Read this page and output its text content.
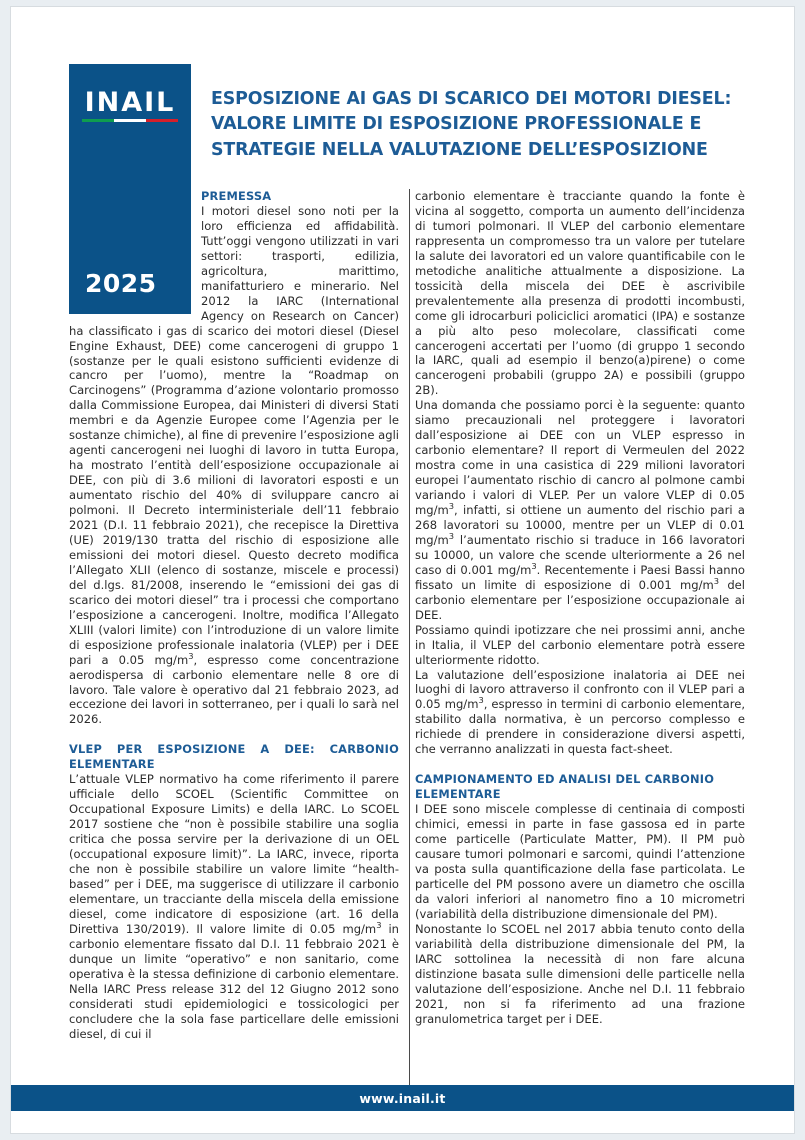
INAIL
2025
ESPOSIZIONE AI GAS DI SCARICO DEI MOTORI DIESEL: VALORE LIMITE DI ESPOSIZIONE PROFESSIONALE E STRATEGIE NELLA VALUTAZIONE DELL’ESPOSIZIONE
PREMESSA

I motori diesel sono noti per la loro efficienza ed affidabilità. Tutt’oggi vengono utilizzati in vari settori: trasporti, edilizia, agricoltura, marittimo, manifatturiero e minerario. Nel 2012 la IARC (International Agency on Research on Cancer) ha classificato i gas di scarico dei motori diesel (Diesel Engine Exhaust, DEE) come cancerogeni di gruppo 1 (sostanze per le quali esistono sufficienti evidenze di cancro per l’uomo), mentre la “Roadmap on Carcinogens” (Programma d’azione volontario promosso dalla Commissione Europea, dai Ministeri di diversi Stati membri e da Agenzie Europee come l’Agenzia per le sostanze chimiche), al fine di prevenire l’esposizione agli agenti cancerogeni nei luoghi di lavoro in tutta Europa, ha mostrato l’entità dell’esposizione occupazionale ai DEE, con più di 3.6 milioni di lavoratori esposti e un aumentato rischio del 40% di sviluppare cancro ai polmoni. Il Decreto interministeriale dell’11 febbraio 2021 (D.I. 11 febbraio 2021), che recepisce la Direttiva (UE) 2019/130 tratta del rischio di esposizione alle emissioni dei motori diesel. Questo decreto modifica l’Allegato XLII (elenco di sostanze, miscele e processi) del d.lgs. 81/2008, inserendo le “emissioni dei gas di scarico dei motori diesel” tra i processi che comportano l’esposizione a cancerogeni. Inoltre, modifica l’Allegato XLIII (valori limite) con l’introduzione di un valore limite di esposizione professionale inalatoria (VLEP) per i DEE pari a 0.05 $mg/m^3$, espresso come concentrazione aerodispersa di carbonio elementare nelle 8 ore di lavoro. Tale valore è operativo dal 21 febbraio 2023, ad eccezione dei lavori in sotterraneo, per i quali lo sarà nel 2026.

VLEP PER ESPOSIZIONE A DEE: CARBONIO
ELEMENTARE

L’attuale VLEP normativo ha come riferimento il parere ufficiale dello SCOEL (Scientific Committee on Occupational Exposure Limits) e della IARC. Lo SCOEL 2017 sostiene che “non è possibile stabilire una soglia critica che possa servire per la derivazione di un OEL (occupational exposure limit)”. La IARC, invece, riporta che non è possibile stabilire un valore limite “health-based” per i DEE, ma suggerisce di utilizzare il carbonio elementare, un tracciante della miscela della emissione diesel, come indicatore di esposizione (art. 16 della Direttiva 130/2019). Il valore limite di 0.05 $mg/m^3$ in carbonio elementare fissato dal D.I. 11 febbraio 2021 è dunque un limite “operativo” e non sanitario, come operativa è la stessa definizione di carbonio elementare. Nella IARC Press release 312 del 12 Giugno 2012 sono considerati studi epidemiologici e tossicologici per concludere che la sola fase particellare delle emissioni diesel, di cui il

carbonio elementare è tracciante quando la fonte è vicina al soggetto, comporta un aumento dell’incidenza di tumori polmonari. Il VLEP del carbonio elementare rappresenta un compromesso tra un valore per tutelare la salute dei lavoratori ed un valore quantificabile con le metodiche analitiche attualmente a disposizione. La tossicità della miscela dei DEE è ascrivibile prevalentemente alla presenza di prodotti incombusti, come gli idrocarburi policiclici aromatici (IPA) e sostanze a più alto peso molecolare, classificati come cancerogeni accertati per l’uomo (di gruppo 1 secondo la IARC, quali ad esempio il benzo(a)pirene) o come cancerogeni probabili (gruppo 2A) e possibili (gruppo 2B).

Una domanda che possiamo porci è la seguente: quanto siamo precauzionali nel proteggere i lavoratori dall’esposizione ai DEE con un VLEP espresso in carbonio elementare? Il report di Vermeulen del 2022 mostra come in una casistica di 229 milioni lavoratori europei l’aumentato rischio di cancro al polmone cambi variando i valori di VLEP. Per un valore VLEP di 0.05 $mg/m^3$, infatti, si ottiene un aumento del rischio pari a 268 lavoratori su 10000, mentre per un VLEP di 0.01 $mg/m^3$ l’aumentato rischio si traduce in 166 lavoratori su 10000, un valore che scende ulteriormente a 26 nel caso di 0.001 $mg/m^3$. Recentemente i Paesi Bassi hanno fissato un limite di esposizione di 0.001 $mg/m^3$ del carbonio elementare per l’esposizione occupazionale ai DEE.

Possiamo quindi ipotizzare che nei prossimi anni, anche in Italia, il VLEP del carbonio elementare potrà essere ulteriormente ridotto.

La valutazione dell’esposizione inalatoria ai DEE nei luoghi di lavoro attraverso il confronto con il VLEP pari a 0.05 $mg/m^3$, espresso in termini di carbonio elementare, stabilito dalla normativa, è un percorso complesso e richiede di prendere in considerazione diversi aspetti, che verranno analizzati in questa fact-sheet.

CAMPIONAMENTO ED ANALISI DEL CARBONIO
ELEMENTARE

I DEE sono miscele complesse di centinaia di composti chimici, emessi in parte in fase gassosa ed in parte come particelle (Particulate Matter, PM). Il PM può causare tumori polmonari e sarcomi, quindi l’attenzione va posta sulla quantificazione della fase particolata. Le particelle del PM possono avere un diametro che oscilla da valori inferiori al nanometro fino a 10 micrometri (variabilità della distribuzione dimensionale del PM).

Nonostante lo SCOEL nel 2017 abbia tenuto conto della variabilità della distribuzione dimensionale del PM, la IARC sottolinea la necessità di non fare alcuna distinzione basata sulle dimensioni delle particelle nella valutazione dell’esposizione. Anche nel D.I. 11 febbraio 2021, non si fa riferimento ad una frazione granulometrica target per i DEE.

www.inail.it
